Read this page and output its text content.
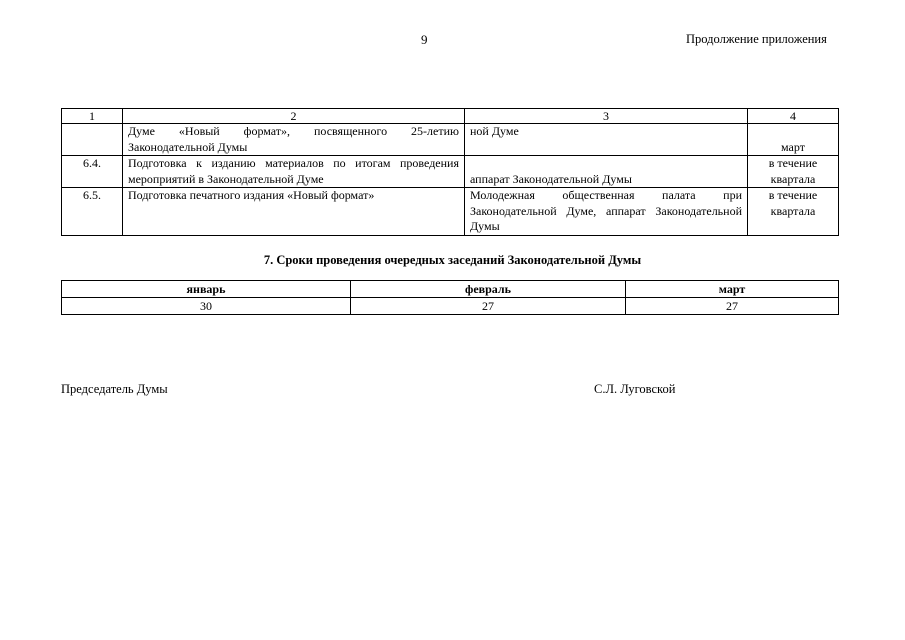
9	Продолжение приложения
1	2	3	4
	Думе «Новый формат», посвященного 25-летию Законодательной Думы	ной Думе	март
6.4.	Подготовка к изданию материалов по итогам проведения мероприятий в Законодательной Думе	аппарат Законодательной Думы	в течение квартала
6.5.	Подготовка печатного издания «Новый формат»	Молодежная общественная палата при Законодательной Думе, аппарат Законодательной Думы	в течение квартала
7. Сроки проведения очередных заседаний Законодательной Думы
январь	февраль	март
30	27	27
Председатель Думы	С.Л. Луговской
